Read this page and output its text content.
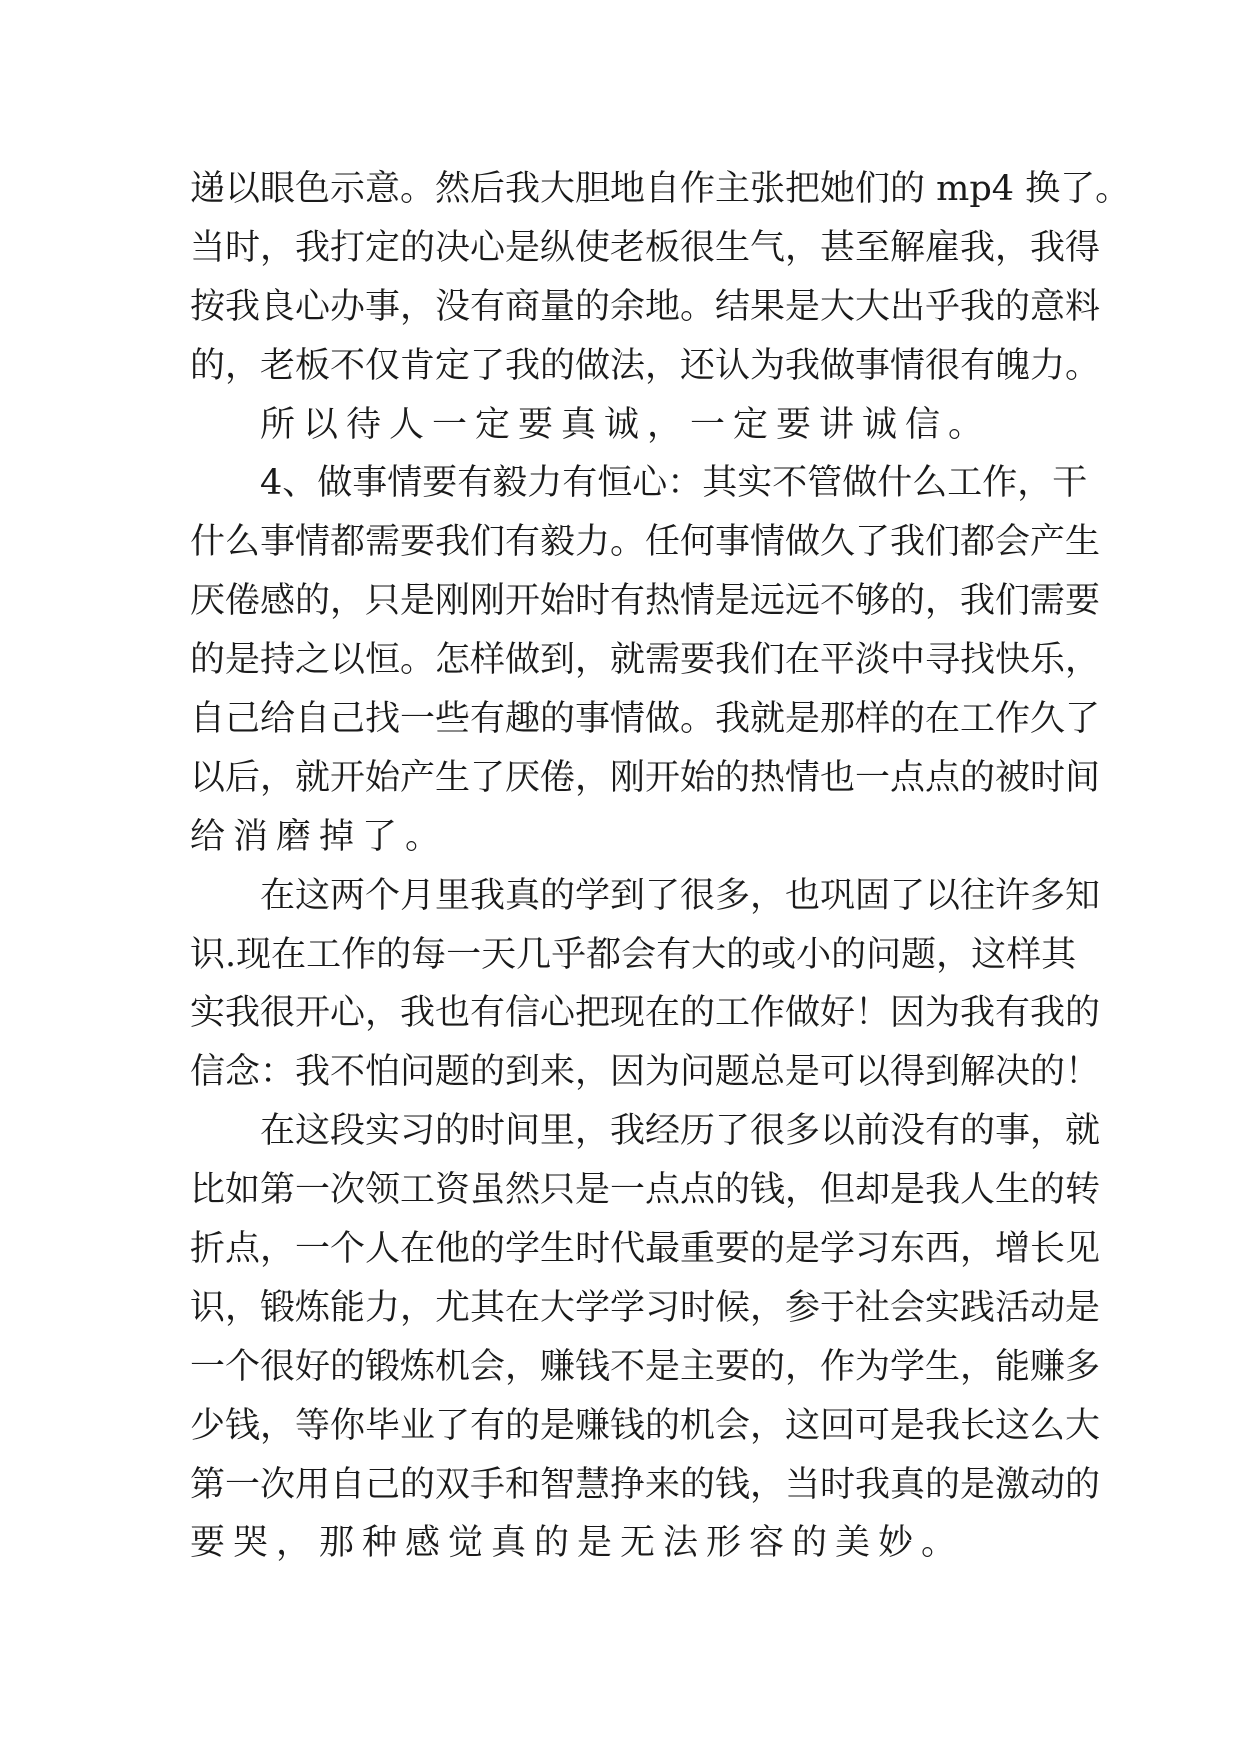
递以眼色示意。然后我大胆地自作主张把她们的 mp4 换了。
当时，我打定的决心是纵使老板很生气，甚至解雇我，我得
按我良心办事，没有商量的余地。结果是大大出乎我的意料
的，老板不仅肯定了我的做法，还认为我做事情很有魄力。
所以待人一定要真诚，一定要讲诚信。
4、做事情要有毅力有恒心：其实不管做什么工作，干
什么事情都需要我们有毅力。任何事情做久了我们都会产生
厌倦感的，只是刚刚开始时有热情是远远不够的，我们需要
的是持之以恒。怎样做到，就需要我们在平淡中寻找快乐，
自己给自己找一些有趣的事情做。我就是那样的在工作久了
以后，就开始产生了厌倦，刚开始的热情也一点点的被时间
给消磨掉了。
在这两个月里我真的学到了很多，也巩固了以往许多知
识.现在工作的每一天几乎都会有大的或小的问题，这样其
实我很开心，我也有信心把现在的工作做好！因为我有我的
信念：我不怕问题的到来，因为问题总是可以得到解决的！
在这段实习的时间里，我经历了很多以前没有的事，就
比如第一次领工资虽然只是一点点的钱，但却是我人生的转
折点，一个人在他的学生时代最重要的是学习东西，增长见
识，锻炼能力，尤其在大学学习时候，参于社会实践活动是
一个很好的锻炼机会，赚钱不是主要的，作为学生，能赚多
少钱，等你毕业了有的是赚钱的机会，这回可是我长这么大
第一次用自己的双手和智慧挣来的钱，当时我真的是激动的
要哭，那种感觉真的是无法形容的美妙。
